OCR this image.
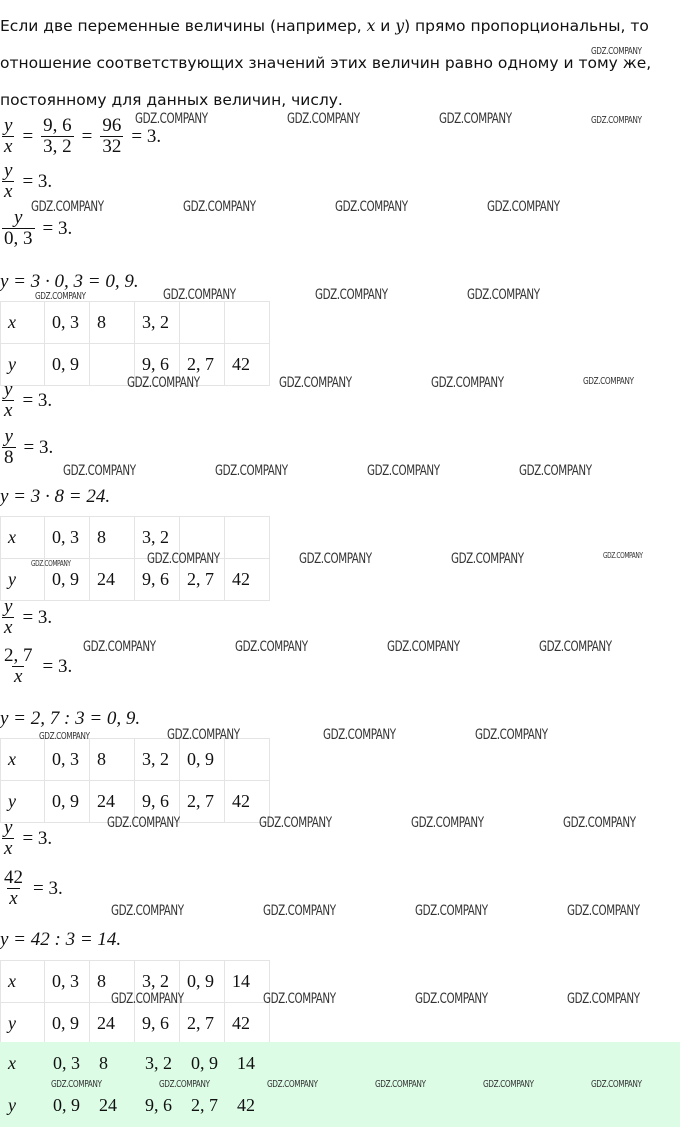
Если две переменные величины (например, x и y) прямо пропорциональны, то отношение соответствующих значений этих величин равно одному и тому же, постоянному для данных величин, числу.

$\frac{y}{x} = \frac{9, 6}{3, 2} = \frac{96}{32} = 3$.
$\frac{y}{x} = 3$.
$\frac{y}{0, 3} = 3$.
y = 3 · 0, 3 = 0, 9.
x	0, 3	8	3, 2		
y	0, 9		9, 6	2, 7	42
$\frac{y}{x} = 3$.
$\frac{y}{8} = 3$.
y = 3 · 8 = 24.
x	0, 3	8	3, 2		
y	0, 9	24	9, 6	2, 7	42
$\frac{y}{x} = 3$.
$\frac{2, 7}{x} = 3$.
y = 2, 7 : 3 = 0, 9.
x	0, 3	8	3, 2	0, 9	
y	0, 9	24	9, 6	2, 7	42
$\frac{y}{x} = 3$.
$\frac{42}{x} = 3$.
y = 42 : 3 = 14.
x	0, 3	8	3, 2	0, 9	14
y	0, 9	24	9, 6	2, 7	42
x	0, 3	8	3, 2	0, 9	14
y	0, 9	24	9, 6	2, 7	42
GDZ.COMPANY
GDZ.COMPANY	GDZ.COMPANY	GDZ.COMPANY	GDZ.COMPANY
GDZ.COMPANY	GDZ.COMPANY	GDZ.COMPANY	GDZ.COMPANY
GDZ.COMPANY	GDZ.COMPANY	GDZ.COMPANY	GDZ.COMPANY
GDZ.COMPANY	GDZ.COMPANY	GDZ.COMPANY	GDZ.COMPANY
GDZ.COMPANY	GDZ.COMPANY	GDZ.COMPANY	GDZ.COMPANY
GDZ.COMPANY	GDZ.COMPANY	GDZ.COMPANY	GDZ.COMPANY	GDZ.COMPANY
GDZ.COMPANY	GDZ.COMPANY	GDZ.COMPANY	GDZ.COMPANY
GDZ.COMPANY	GDZ.COMPANY	GDZ.COMPANY	GDZ.COMPANY
GDZ.COMPANY	GDZ.COMPANY	GDZ.COMPANY	GDZ.COMPANY
GDZ.COMPANY	GDZ.COMPANY	GDZ.COMPANY	GDZ.COMPANY
GDZ.COMPANY	GDZ.COMPANY	GDZ.COMPANY	GDZ.COMPANY
GDZ.COMPANY	GDZ.COMPANY	GDZ.COMPANY	GDZ.COMPANY	GDZ.COMPANY	GDZ.COMPANY
